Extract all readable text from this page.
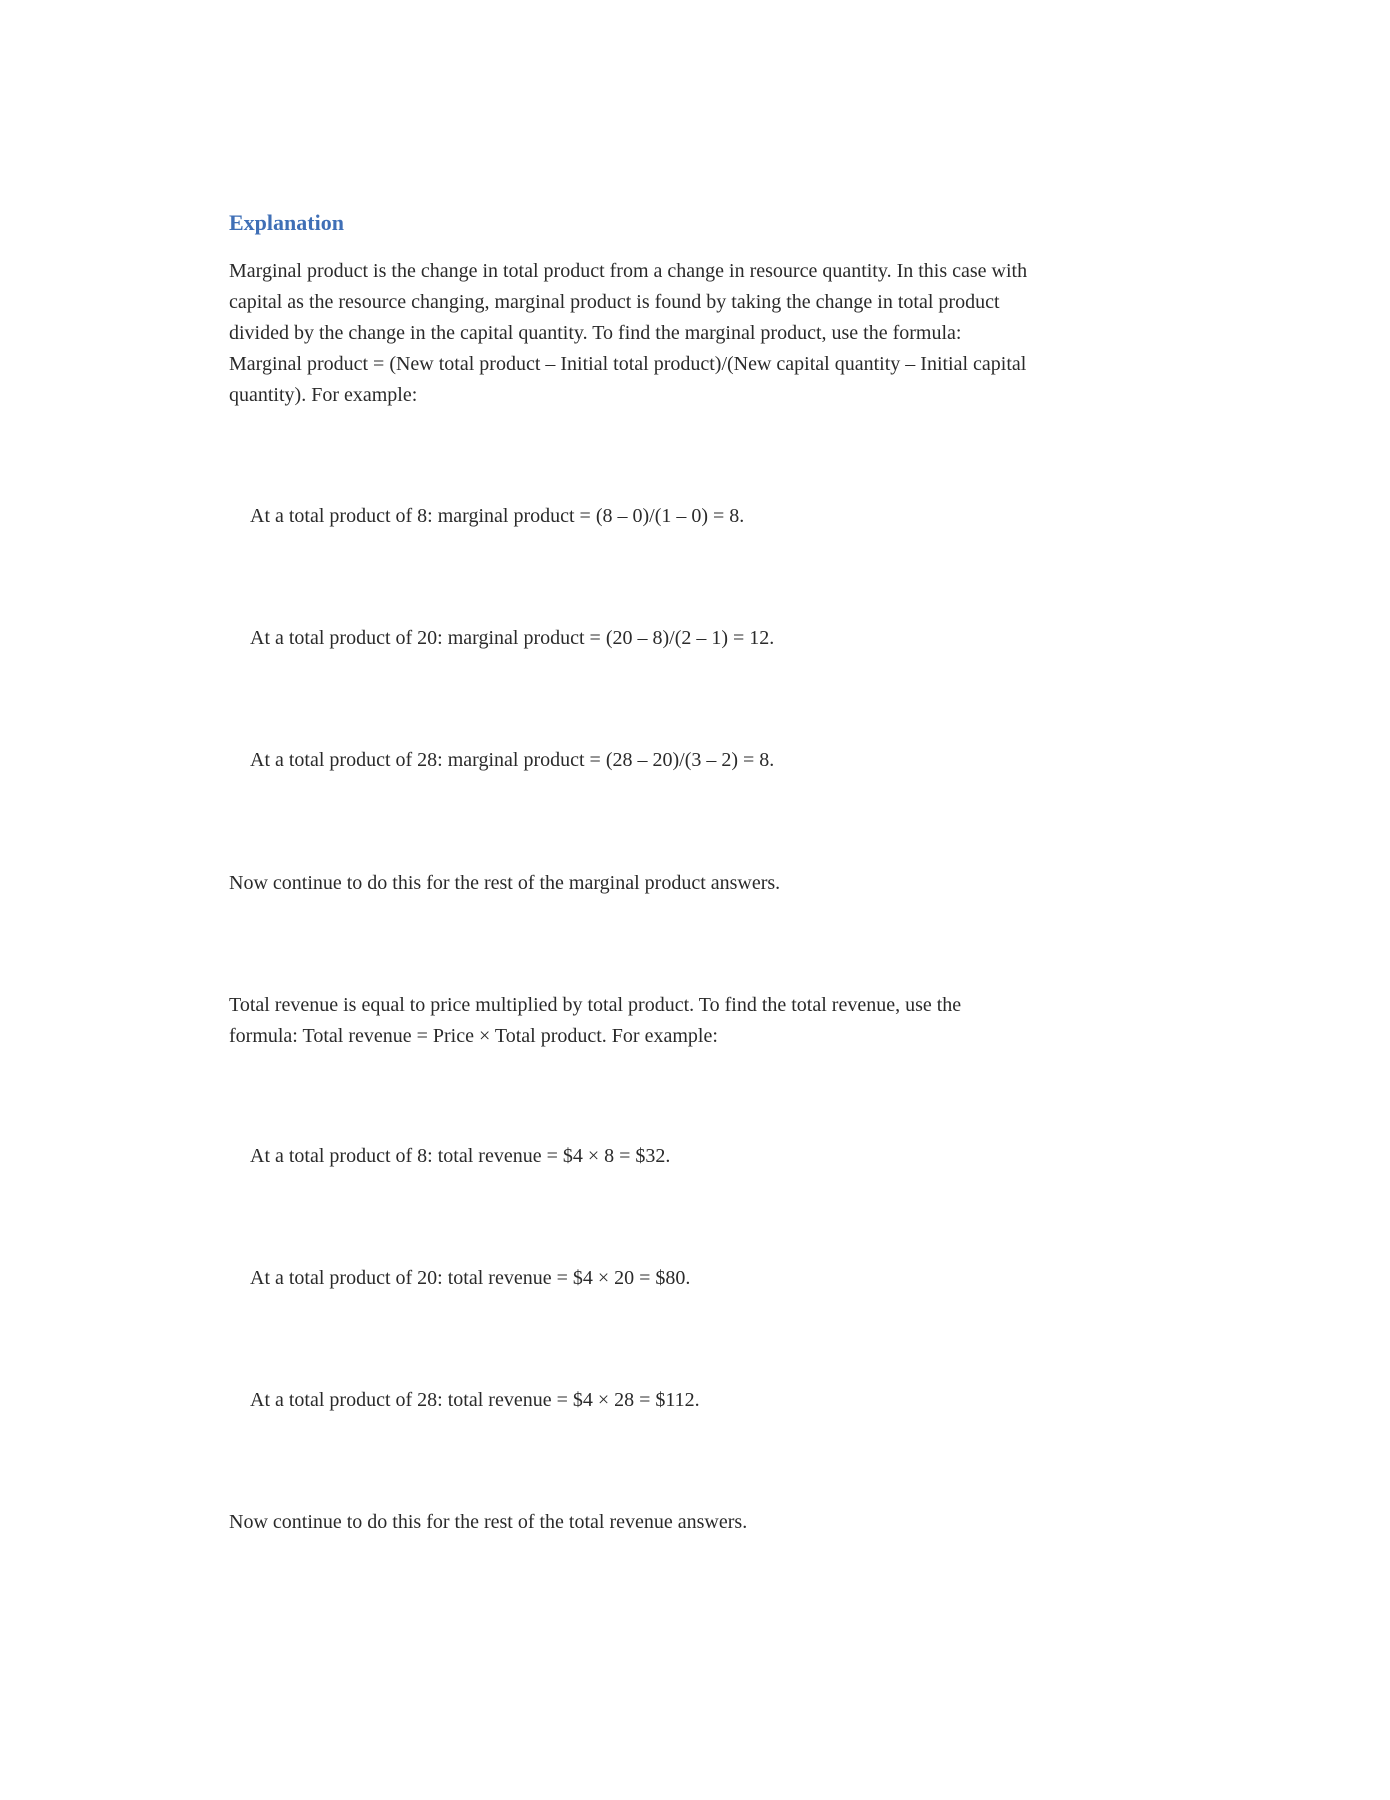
Explanation

Marginal product is the change in total product from a change in resource quantity. In this case with capital as the resource changing, marginal product is found by taking the change in total product divided by the change in the capital quantity. To find the marginal product, use the formula: Marginal product = (New total product – Initial total product)/(New capital quantity – Initial capital quantity). For example:

At a total product of 8: marginal product = (8 – 0)/(1 – 0) = 8.

At a total product of 20: marginal product = (20 – 8)/(2 – 1) = 12.

At a total product of 28: marginal product = (28 – 20)/(3 – 2) = 8.

Now continue to do this for the rest of the marginal product answers.

Total revenue is equal to price multiplied by total product. To find the total revenue, use the formula: Total revenue = Price × Total product. For example:

At a total product of 8: total revenue = $4 × 8 = $32.

At a total product of 20: total revenue = $4 × 20 = $80.

At a total product of 28: total revenue = $4 × 28 = $112.

Now continue to do this for the rest of the total revenue answers.
